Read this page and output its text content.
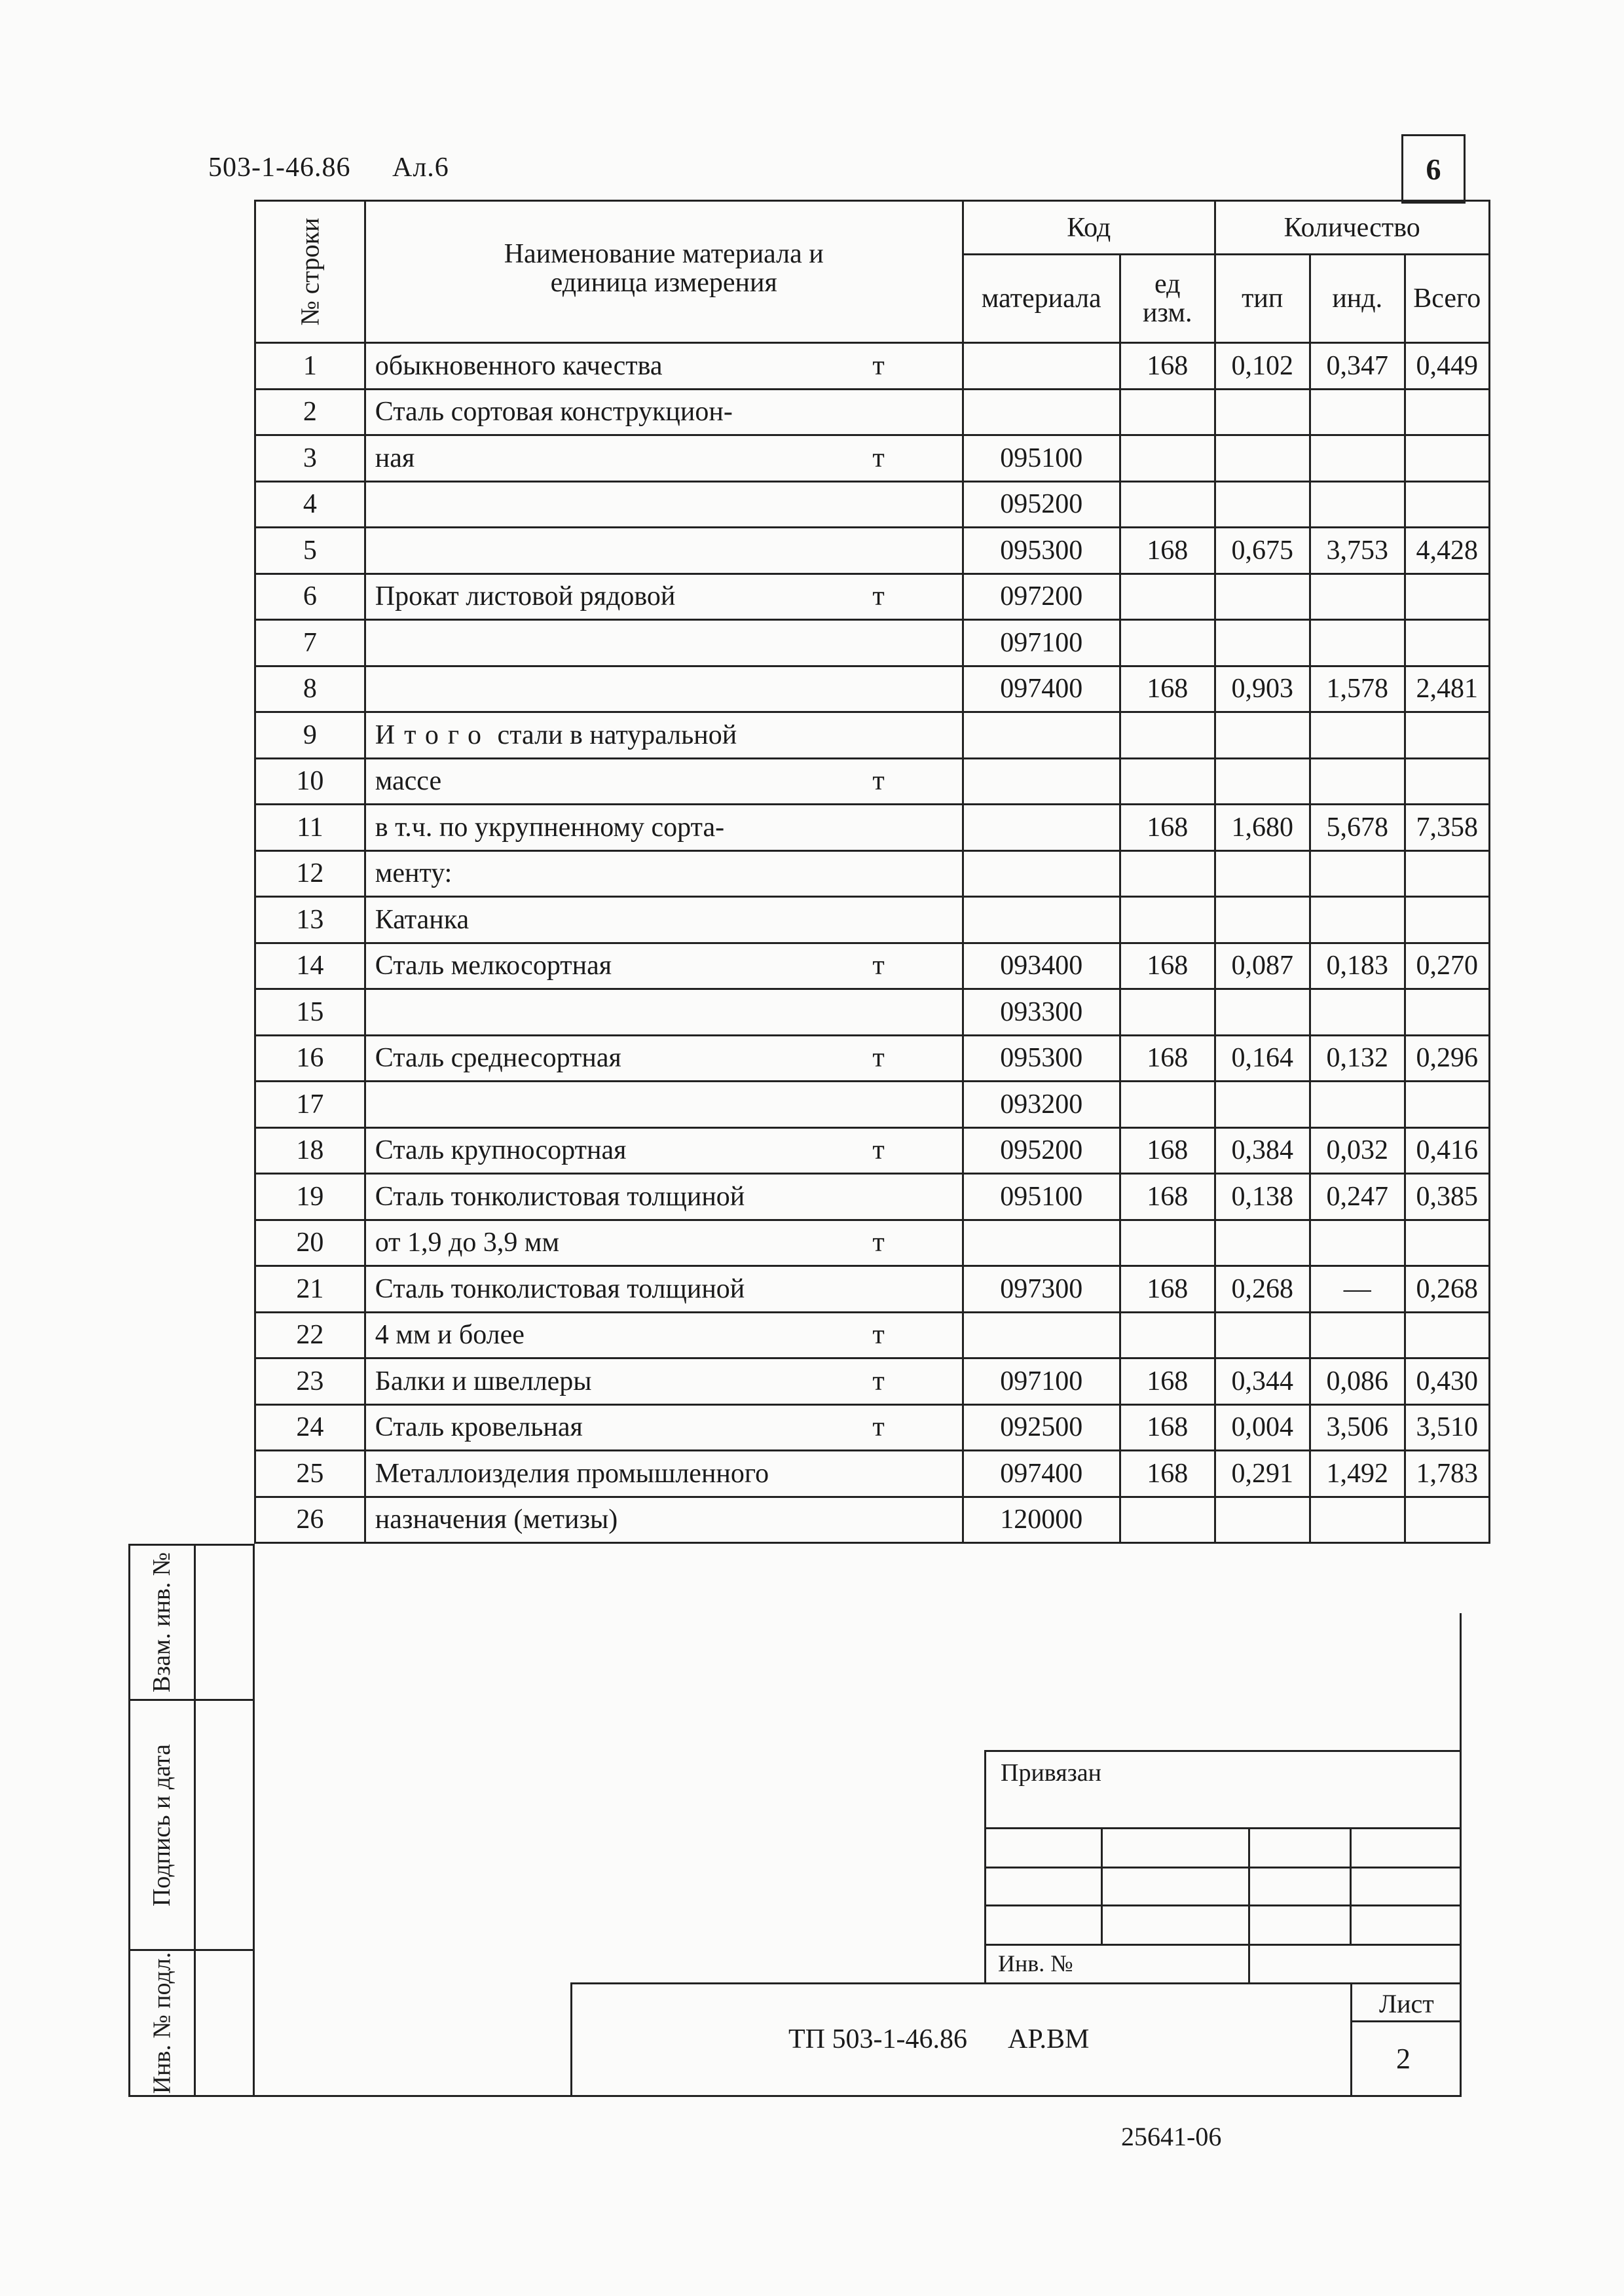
503-1-46.86 Ал.6	6
№ строки	Наименование материала и единица измерения	Код		Количество		
		материала	ед изм.	тип	инд.	Всего
1	обыкновенного качества т		168	0,102	0,347	0,449
2	Сталь сортовая конструкцион-					

3	ная т	095100				
4		095200				
5		095300	168	0,675	3,753	4,428
6	Прокат листовой рядовой т	097200				
7		097100				
8		097400	168	0,903	1,578	2,481
9	Итого стали в натуральной					

10	массе т					

11	в т.ч. по укрупненному сорта-		168	1,680	5,678	7,358
12	менту:					

13	Катанка					

14	Сталь мелкосортная т	093400	168	0,087	0,183	0,270
15		093300				
16	Сталь среднесортная т	095300	168	0,164	0,132	0,296
17		093200				
18	Сталь крупносортная т	095200	168	0,384	0,032	0,416
19	Сталь тонколистовая толщиной	095100	168	0,138	0,247	0,385
20	от 1,9 до 3,9 мм т					

21	Сталь тонколистовая толщиной	097300	168	0,268	—	0,268
22	4 мм и более т					

23	Балки и швеллеры т	097100	168	0,344	0,086	0,430
24	Сталь кровельная т	092500	168	0,004	3,506	3,510
25	Металлоизделия промышленного	097400	168	0,291	1,492	1,783
26	назначения (метизы)	120000				
Взам. инв. №
Подпись и дата
Инв. № подл.
Привязан
Инв. №
ТП 503-1-46.86 АР.ВМ
Лист
2
25641-06
